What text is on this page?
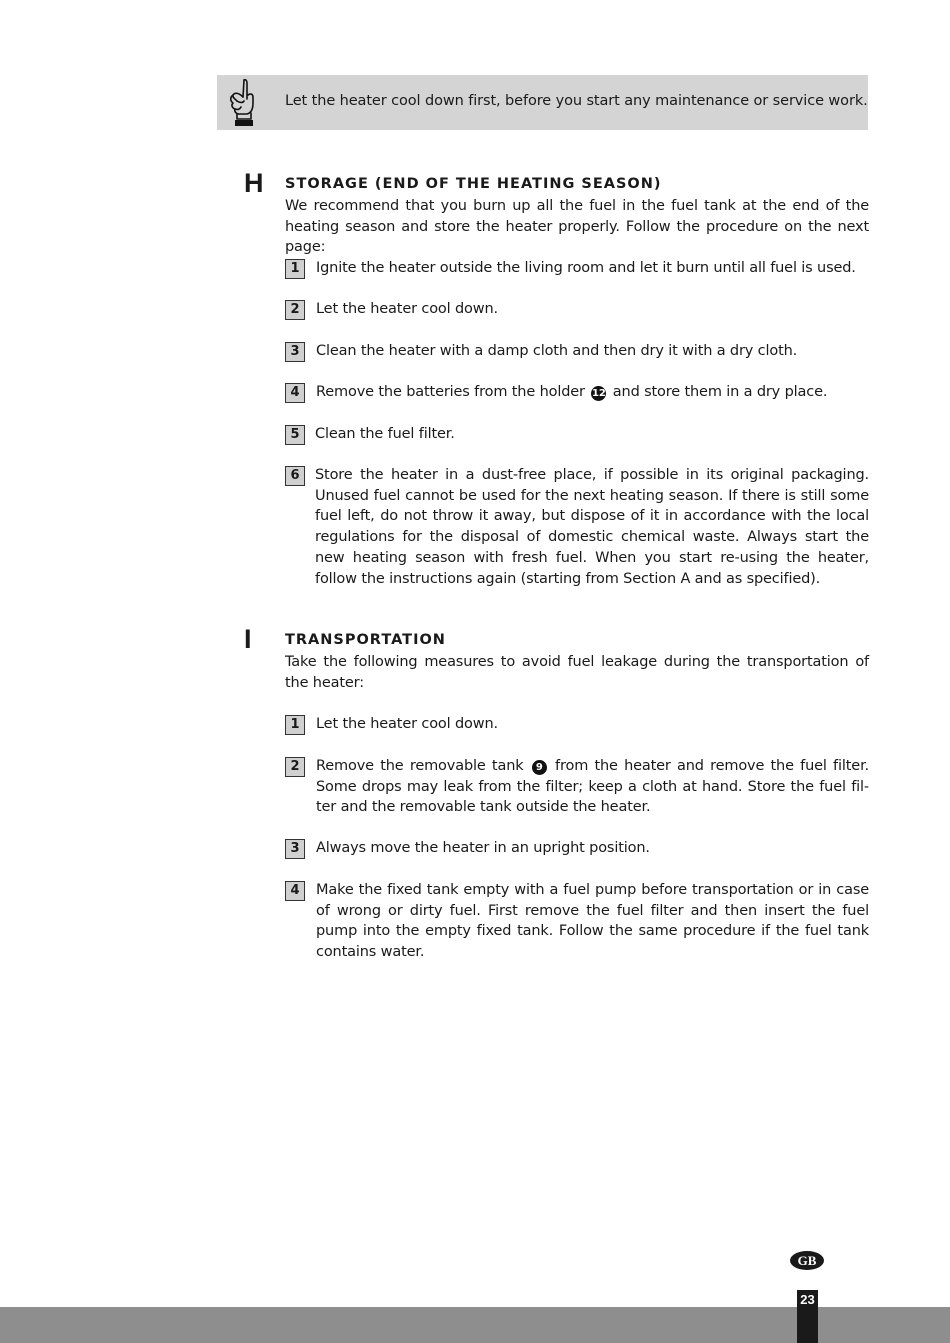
Let the heater cool down first, before you start any maintenance or service work.
H STORAGE (END OF THE HEATING SEASON)
We recommend that you burn up all the fuel in the fuel tank at the end of the heating season and store the heater properly. Follow the procedure on the next page:
1	Ignite the heater outside the living room and let it burn until all fuel is used.
2	Let the heater cool down.
3	Clean the heater with a damp cloth and then dry it with a dry cloth.
4	Remove the batteries from the holder 12 and store them in a dry place.
5	Clean the fuel filter.
6	Store the heater in a dust-free place, if possible in its original packaging. Unused fuel cannot be used for the next heating season. If there is still some fuel left, do not throw it away, but dispose of it in accordance with the local regulations for the disposal of domestic chemical waste. Always start the new heating season with fresh fuel. When you start re-using the heater, follow the instructions again (starting from Section A and as specified).
I TRANSPORTATION
Take the following measures to avoid fuel leakage during the transportation of the heater:
1	Let the heater cool down.
2	Remove the removable tank 9 from the heater and remove the fuel filter. Some drops may leak from the filter; keep a cloth at hand. Store the fuel fil-ter and the removable tank outside the heater.
3	Always move the heater in an upright position.
4	Make the fixed tank empty with a fuel pump before transportation or in case of wrong or dirty fuel. First remove the fuel filter and then insert the fuel pump into the empty fixed tank. Follow the same procedure if the fuel tank contains water.
GB
23
